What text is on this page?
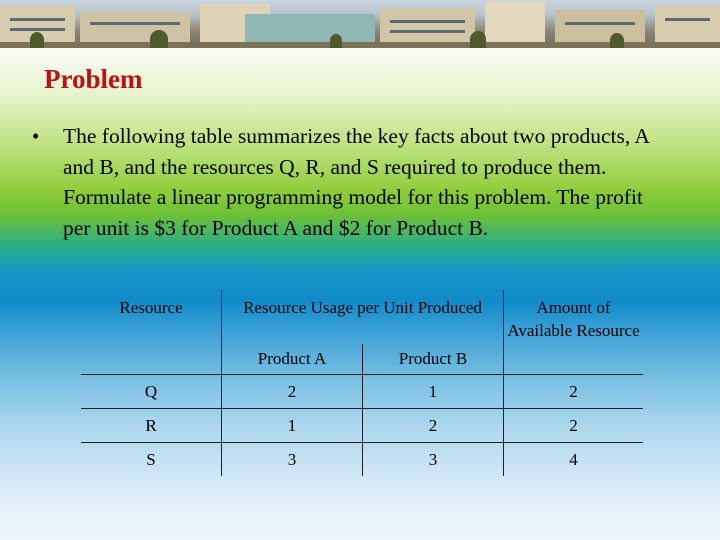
Problem
• The following table summarizes the key facts about two products, A and B, and the resources Q, R, and S required to produce them. Formulate a linear programming model for this problem. The profit per unit is $3 for Product A and $2 for Product B.
Resource	Resource Usage per Unit Produced		Amount of Available Resource
	Product A	Product B	
Q	2	1	2
R	1	2	2
S	3	3	4
